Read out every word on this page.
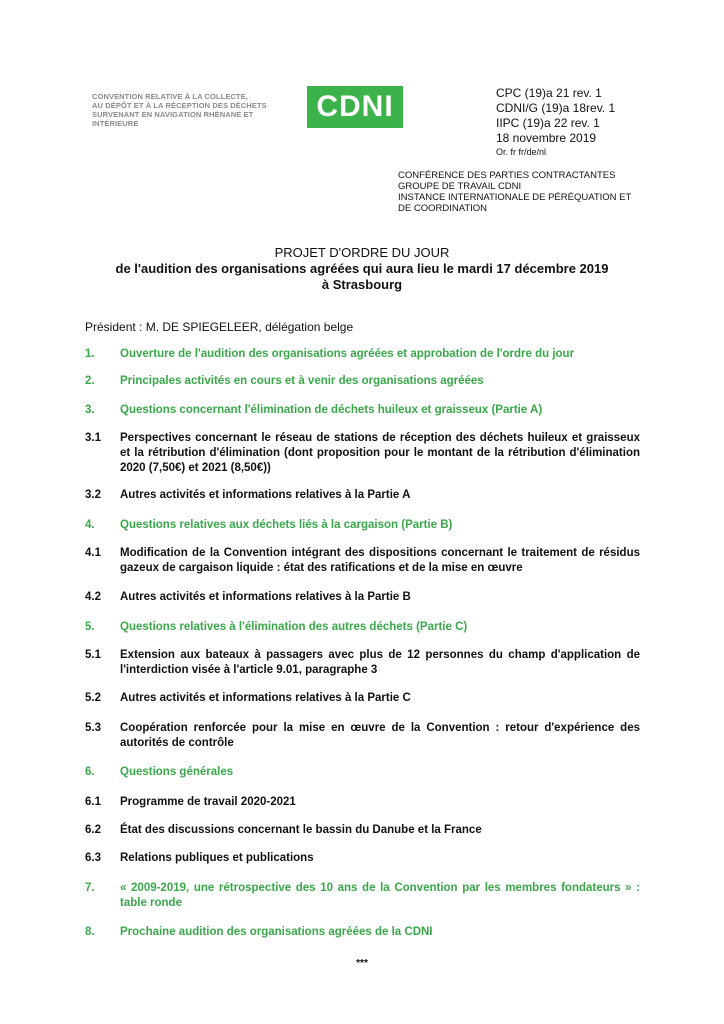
CONVENTION RELATIVE À LA COLLECTE,
AU DÉPÔT ET À LA RÉCEPTION DES DÉCHETS
SURVENANT EN NAVIGATION RHÉNANE ET
INTÉRIEURE
CDNI	CPC (19)a 21 rev. 1
CDNI/G (19)a 18rev. 1
IIPC (19)a 22 rev. 1
18 novembre 2019
Or. fr fr/de/nl
CONFÉRENCE DES PARTIES CONTRACTANTES
GROUPE DE TRAVAIL CDNI
INSTANCE INTERNATIONALE DE PÉRÉQUATION ET
DE COORDINATION
PROJET D'ORDRE DU JOUR
de l'audition des organisations agréées qui aura lieu le mardi 17 décembre 2019
à Strasbourg
Président : M. DE SPIEGELEER, délégation belge
1.	Ouverture de l'audition des organisations agréées et approbation de l'ordre du jour
2.	Principales activités en cours et à venir des organisations agréées
3.	Questions concernant l'élimination de déchets huileux et graisseux (Partie A)
3.1	Perspectives concernant le réseau de stations de réception des déchets huileux et graisseux et la rétribution d'élimination (dont proposition pour le montant de la rétribution d'élimination 2020 (7,50€) et 2021 (8,50€))
3.2	Autres activités et informations relatives à la Partie A
4.	Questions relatives aux déchets liés à la cargaison (Partie B)
4.1	Modification de la Convention intégrant des dispositions concernant le traitement de résidus gazeux de cargaison liquide : état des ratifications et de la mise en œuvre
4.2	Autres activités et informations relatives à la Partie B
5.	Questions relatives à l'élimination des autres déchets (Partie C)
5.1	Extension aux bateaux à passagers avec plus de 12 personnes du champ d'application de l'interdiction visée à l'article 9.01, paragraphe 3
5.2	Autres activités et informations relatives à la Partie C
5.3	Coopération renforcée pour la mise en œuvre de la Convention : retour d'expérience des autorités de contrôle
6.	Questions générales
6.1	Programme de travail 2020-2021
6.2	État des discussions concernant le bassin du Danube et la France
6.3	Relations publiques et publications
7.	« 2009-2019, une rétrospective des 10 ans de la Convention par les membres fondateurs » : table ronde
8.	Prochaine audition des organisations agréées de la CDNI
***
